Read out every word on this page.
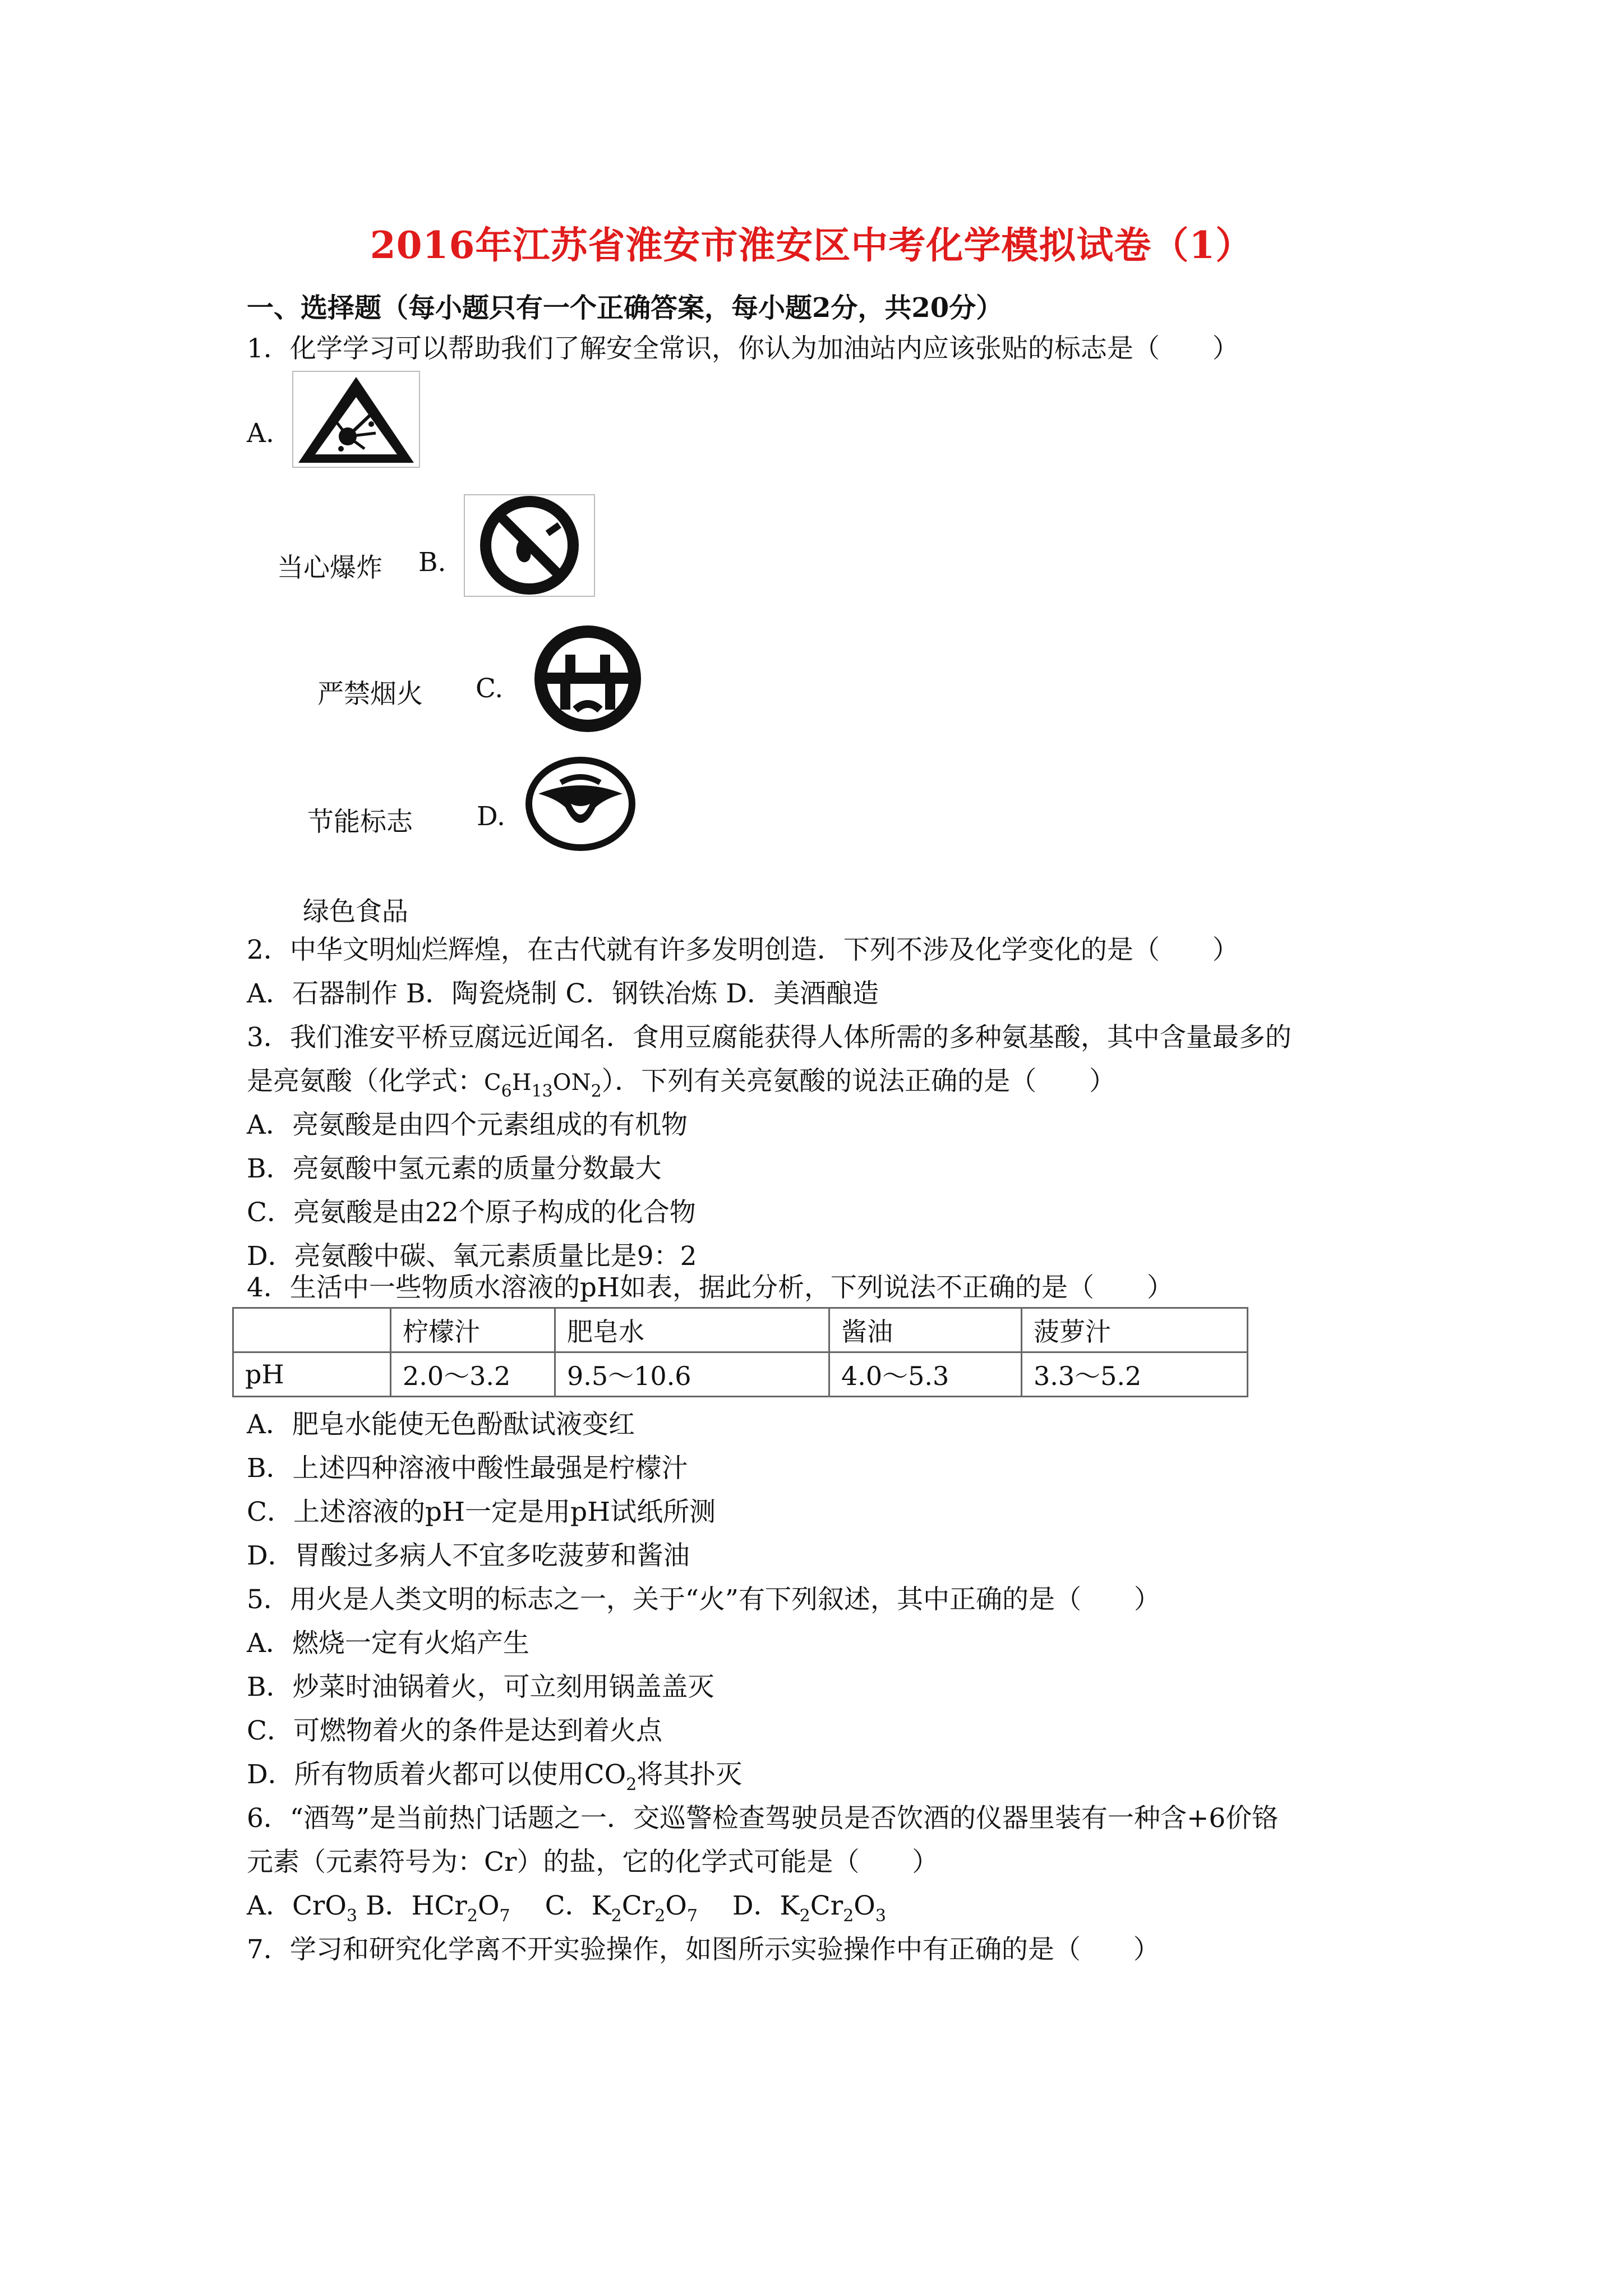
2016年江苏省淮安市淮安区中考化学模拟试卷（1）
一、选择题（每小题只有一个正确答案，每小题2分，共20分）
1．化学学习可以帮助我们了解安全常识，你认为加油站内应该张贴的标志是（　　）
A.
当心爆炸 B.
严禁烟火 C.
节能标志 D.
绿色食品
2．中华文明灿烂辉煌，在古代就有许多发明创造．下列不涉及化学变化的是（　　）
A．石器制作 B．陶瓷烧制 C．钢铁冶炼 D．美酒酿造
3．我们淮安平桥豆腐远近闻名．食用豆腐能获得人体所需的多种氨基酸，其中含量最多的
是亮氨酸（化学式：$C_6H_{13}ON_2$）．下列有关亮氨酸的说法正确的是（　　）
A．亮氨酸是由四个元素组成的有机物
B．亮氨酸中氢元素的质量分数最大
C．亮氨酸是由22个原子构成的化合物
D．亮氨酸中碳、氧元素质量比是9：2
4．生活中一些物质水溶液的pH如表，据此分析，下列说法不正确的是（　　）
	柠檬汁	肥皂水	酱油	菠萝汁
pH	2.0～3.2	9.5～10.6	4.0～5.3	3.3～5.2
A．肥皂水能使无色酚酞试液变红
B．上述四种溶液中酸性最强是柠檬汁
C．上述溶液的pH一定是用pH试纸所测
D．胃酸过多病人不宜多吃菠萝和酱油
5．用火是人类文明的标志之一，关于“火”有下列叙述，其中正确的是（　　）
A．燃烧一定有火焰产生
B．炒菜时油锅着火，可立刻用锅盖盖灭
C．可燃物着火的条件是达到着火点
D．所有物质着火都可以使用$CO_2$将其扑灭
6．“酒驾”是当前热门话题之一．交巡警检查驾驶员是否饮酒的仪器里装有一种含+6价铬
元素（元素符号为：Cr）的盐，它的化学式可能是（　　）
A．CrO$_3$ B．$HCr_2O_7$　 C．$K_2Cr_2O_7$　 D．$K_2Cr_2O_3$
7．学习和研究化学离不开实验操作，如图所示实验操作中有正确的是（　　）
